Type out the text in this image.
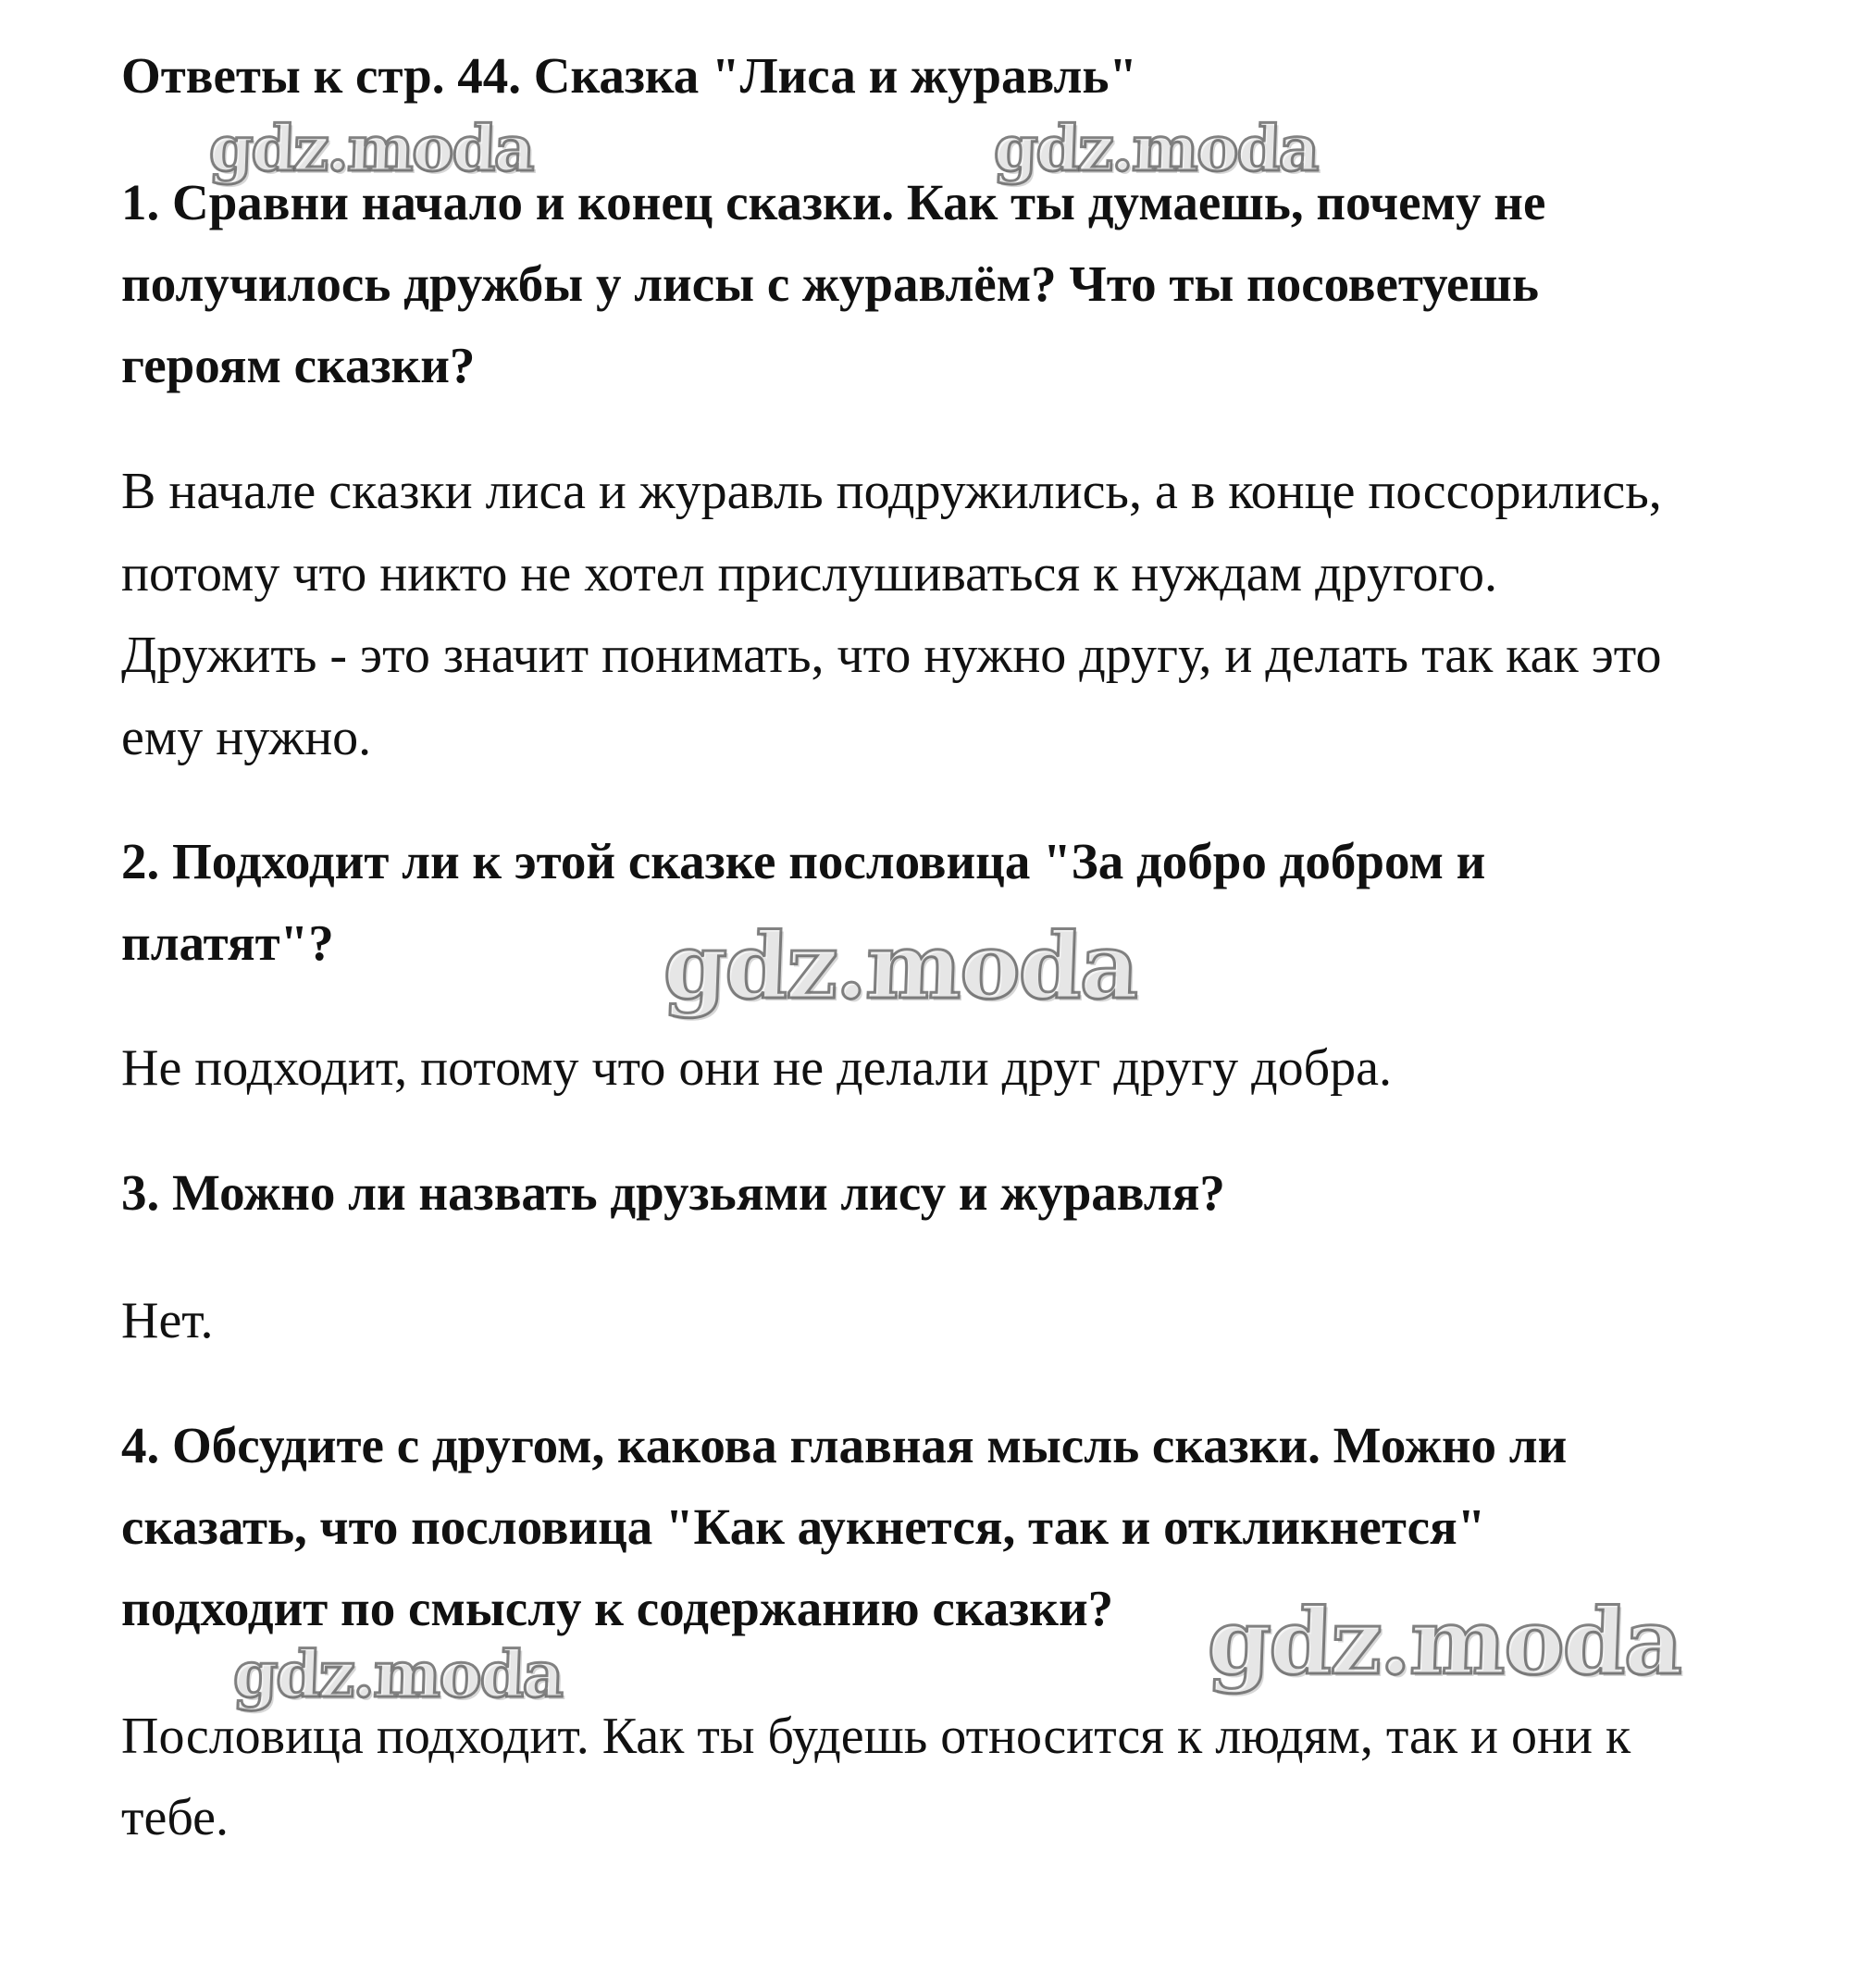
Ответы к стр. 44. Сказка "Лиса и журавль"

gdz.moda	gdz.moda

1. Сравни начало и конец сказки. Как ты думаешь, почему не

получилось дружбы у лисы с журавлём? Что ты посоветуешь

героям сказки?

В начале сказки лиса и журавль подружились, а в конце поссорились,

потому что никто не хотел прислушиваться к нуждам другого.

Дружить - это значит понимать, что нужно другу, и делать так как это

ему нужно.

2. Подходит ли к этой сказке пословица "За добро добром и

платят"?	gdz.moda

Не подходит, потому что они не делали друг другу добра.

3. Можно ли назвать друзьями лису и журавля?

Нет.

4. Обсудите с другом, какова главная мысль сказки. Можно ли

сказать, что пословица "Как аукнется, так и откликнется"

подходит по смыслу к содержанию сказки? gdz.moda

gdz.moda

Пословица подходит. Как ты будешь относится к людям, так и они к

тебе.
